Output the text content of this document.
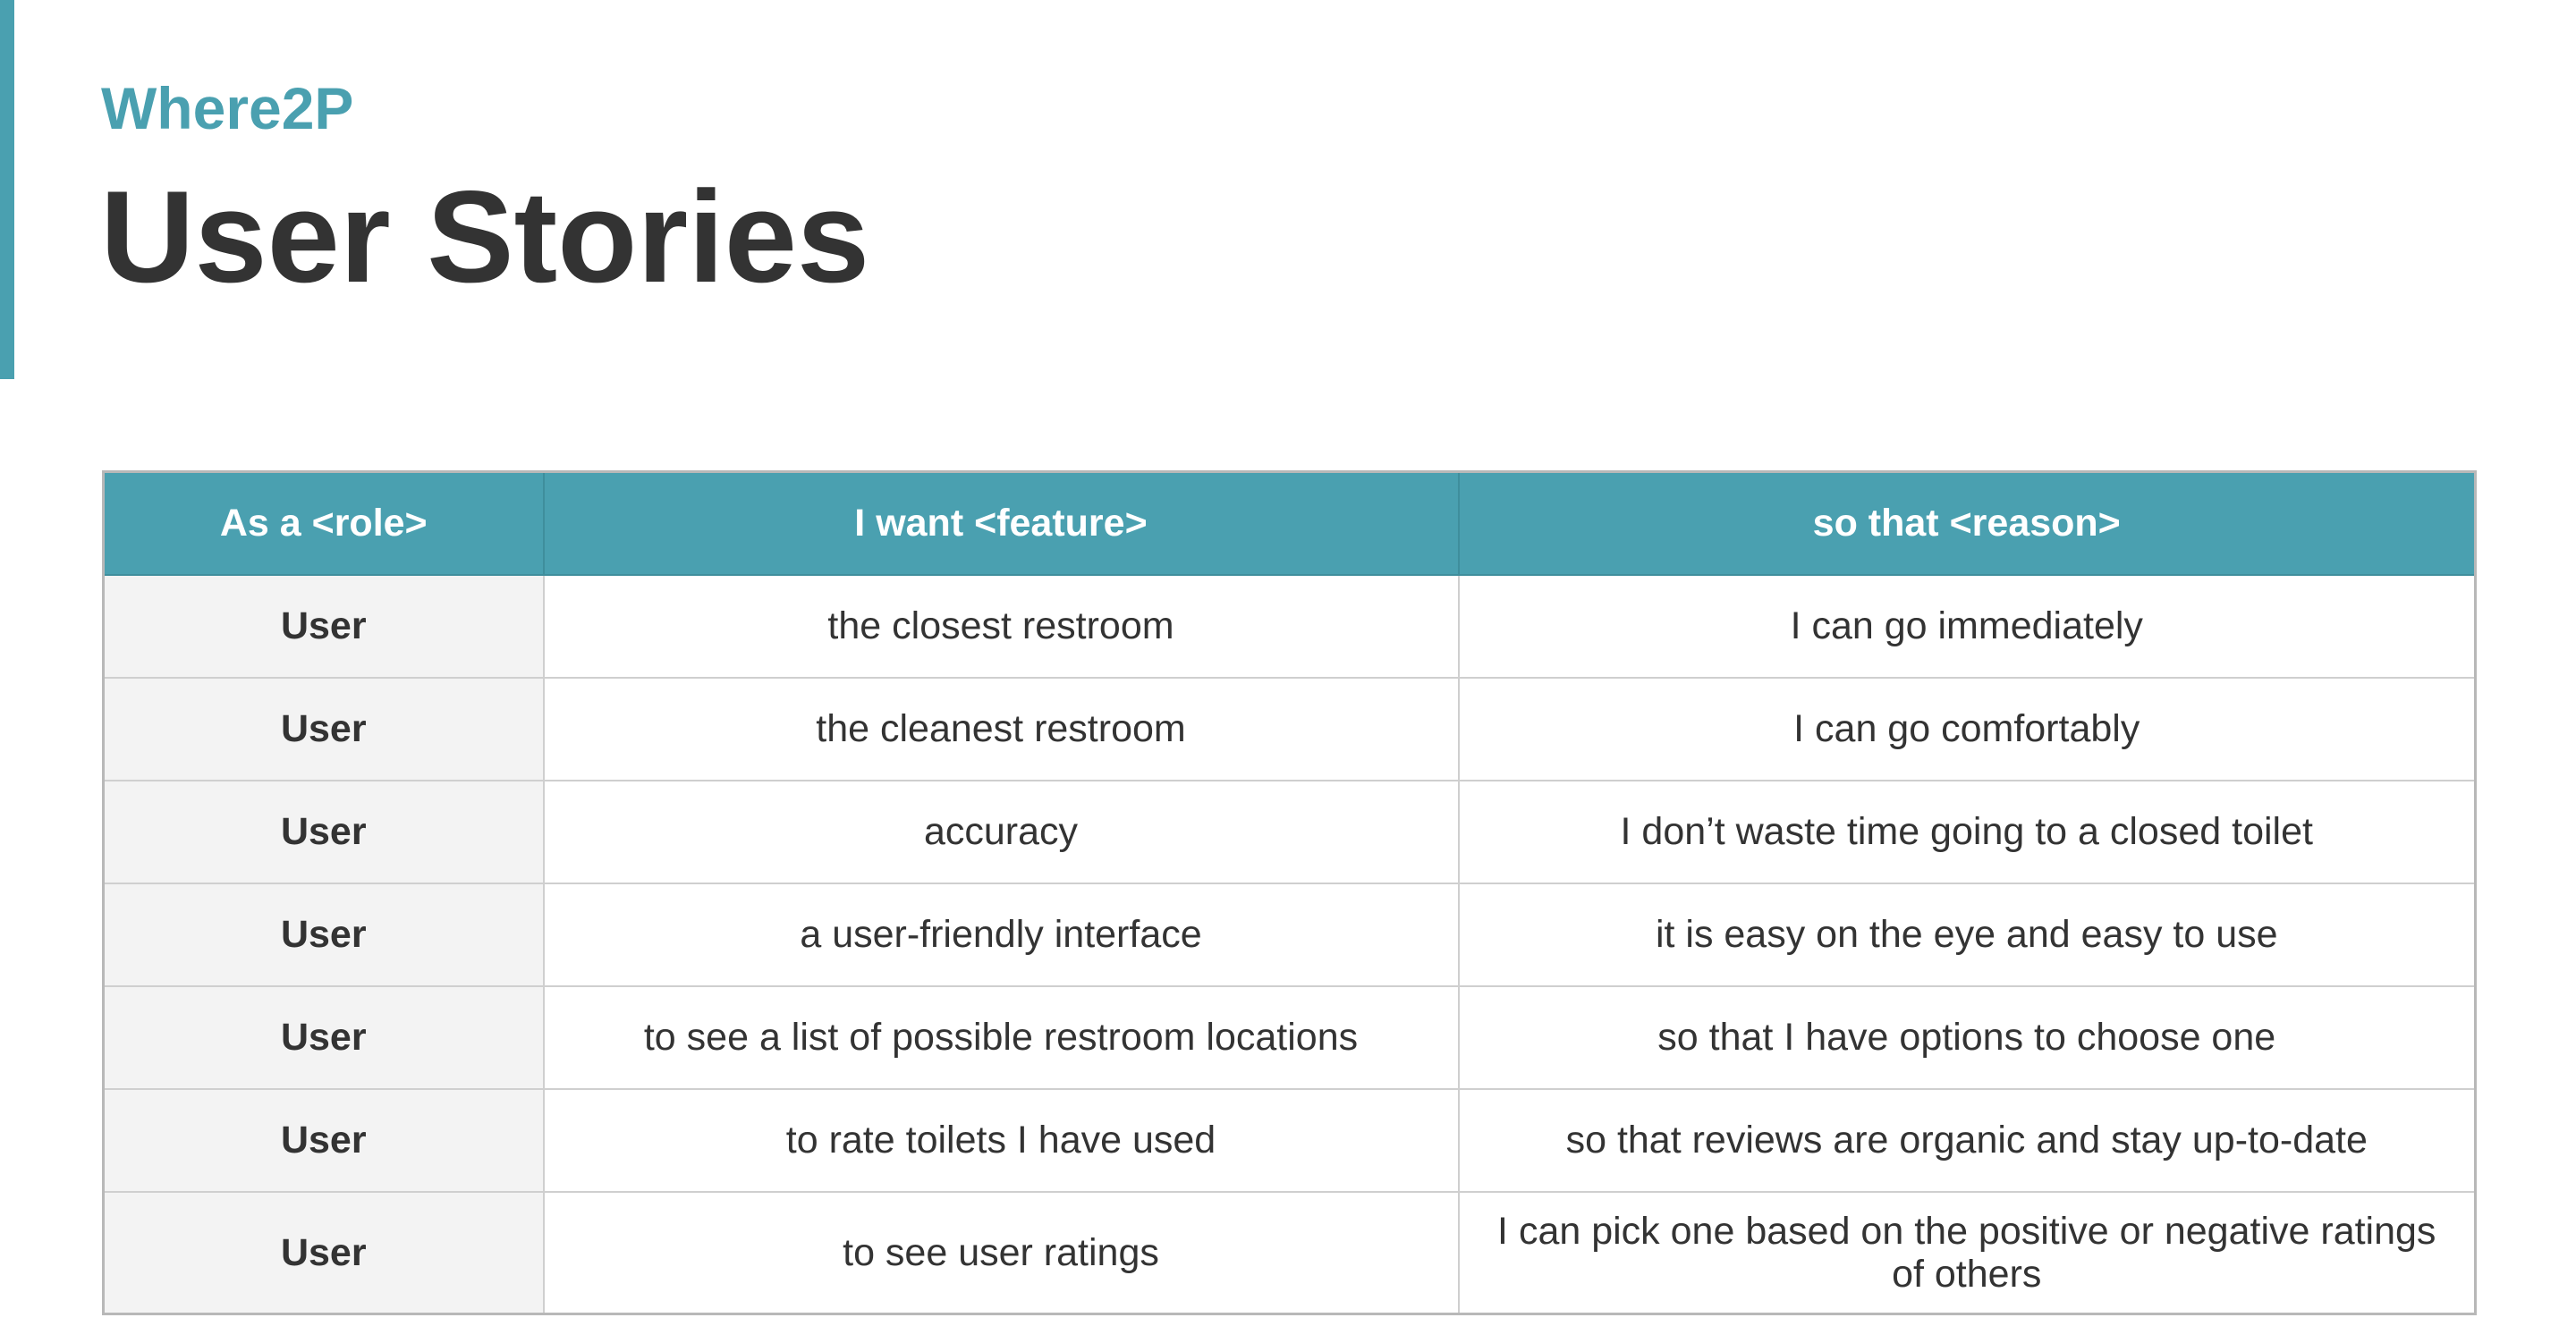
Where2P
User Stories
As a <role>	I want <feature>	so that <reason>
User	the closest restroom	I can go immediately
User	the cleanest restroom	I can go comfortably
User	accuracy	I don’t waste time going to a closed toilet
User	a user-friendly interface	it is easy on the eye and easy to use
User	to see a list of possible restroom locations	so that I have options to choose one
User	to rate toilets I have used	so that reviews are organic and stay up-to-date
User	to see user ratings	I can pick one based on the positive or negative ratings of others
